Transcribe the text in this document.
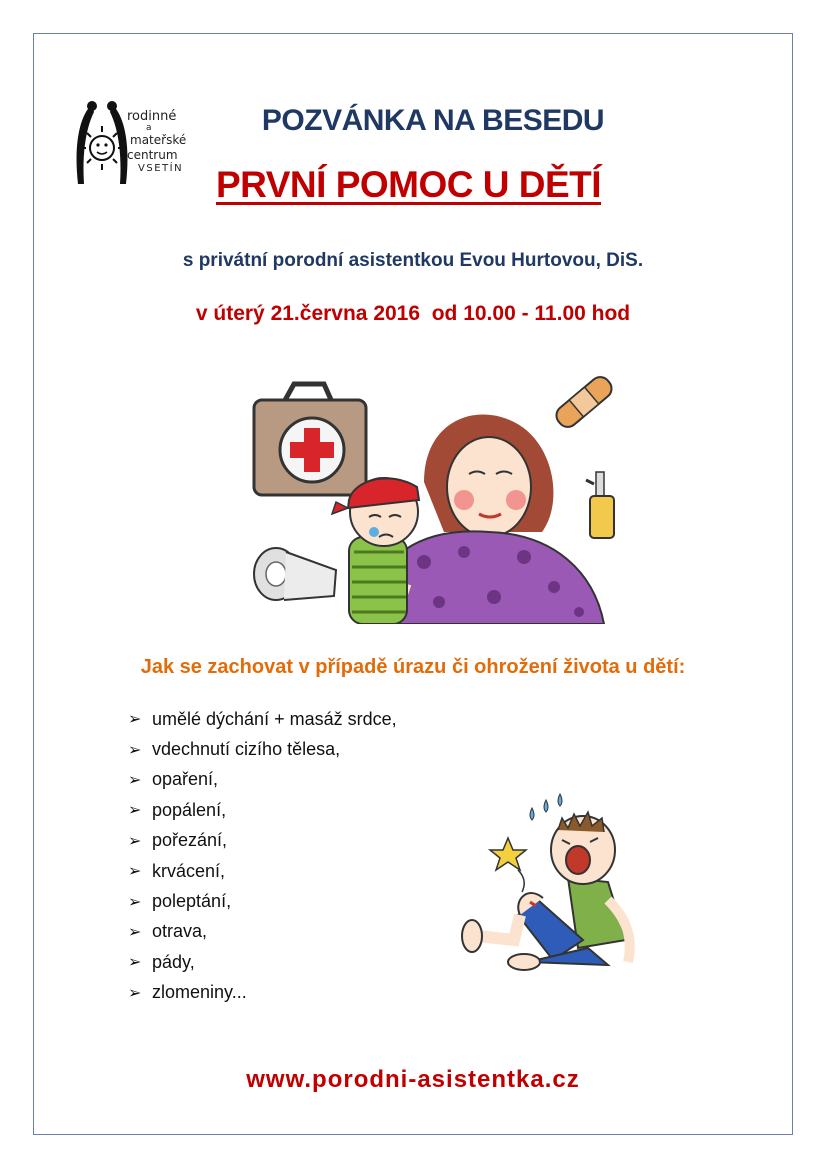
rodinné
a
mateřské
centrum
VSETÍN
POZVÁNKA NA BESEDU
PRVNÍ POMOC U DĚTÍ
s privátní porodní asistentkou Evou Hurtovou, DiS.
v úterý 21.června 2016  od 10.00 - 11.00 hod
Jak se zachovat v případě úrazu či ohrožení života u dětí:
➢ umělé dýchání + masáž srdce,
➢ vdechnutí cizího tělesa,
➢ opaření,
➢ popálení,
➢ pořezání,
➢ krvácení,
➢ poleptání,
➢ otrava,
➢ pády,
➢ zlomeniny...
www.porodni-asistentka.cz
